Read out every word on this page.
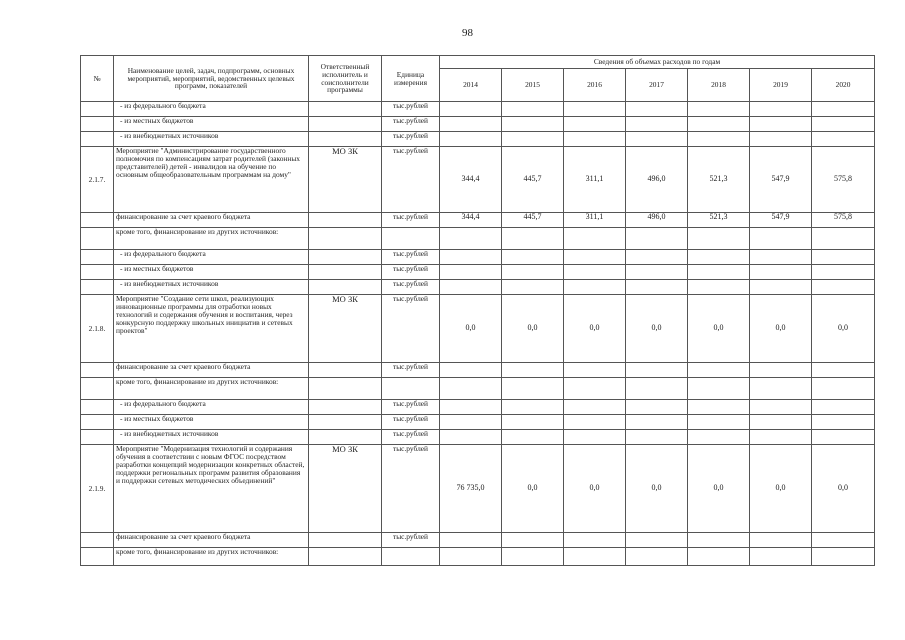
98
№	Наименование целей, задач, подпрограмм, основных мероприятий, мероприятий, ведомственных целевых программ, показателей	Ответственный исполнитель и соисполнители программы	Единица измерения	Сведения об объемах расходов по годам						
				2014	2015	2016	2017	2018	2019	2020
	- из федерального бюджета		тыс.рублей							
	- из местных бюджетов		тыс.рублей							
	- из внебюджетных источников		тыс.рублей							
2.1.7.	Мероприятие "Администрирование государственного полномочия по компенсациям затрат родителей (законных представителей) детей - инвалидов на обучение по основным общеобразовательным программам на дому"	МО ЗК	тыс.рублей	344,4	445,7	311,1	496,0	521,3	547,9	575,8
	финансирование за счет краевого бюджета		тыс.рублей	344,4	445,7	311,1	496,0	521,3	547,9	575,8
	кроме того, финансирование из других источников:									
	- из федерального бюджета		тыс.рублей							
	- из местных бюджетов		тыс.рублей							
	- из внебюджетных источников		тыс.рублей							
2.1.8.	Мероприятие "Создание сети школ, реализующих инновационные программы для отработки новых технологий и содержания обучения и воспитания, через конкурсную поддержку школьных инициатив и сетевых проектов"	МО ЗК	тыс.рублей	0,0	0,0	0,0	0,0	0,0	0,0	0,0
	финансирование за счет краевого бюджета		тыс.рублей							
	кроме того, финансирование из других источников:									
	- из федерального бюджета		тыс.рублей							
	- из местных бюджетов		тыс.рублей							
	- из внебюджетных источников		тыс.рублей							
2.1.9.	Мероприятие "Модернизация технологий и содержания обучения в соответствии с новым ФГОС посредством разработки концепций модернизации конкретных областей, поддержки региональных программ развития образования и поддержки сетевых методических объединений"	МО ЗК	тыс.рублей	76 735,0	0,0	0,0	0,0	0,0	0,0	0,0
	финансирование за счет краевого бюджета		тыс.рублей							
	кроме того, финансирование из других источников:									
